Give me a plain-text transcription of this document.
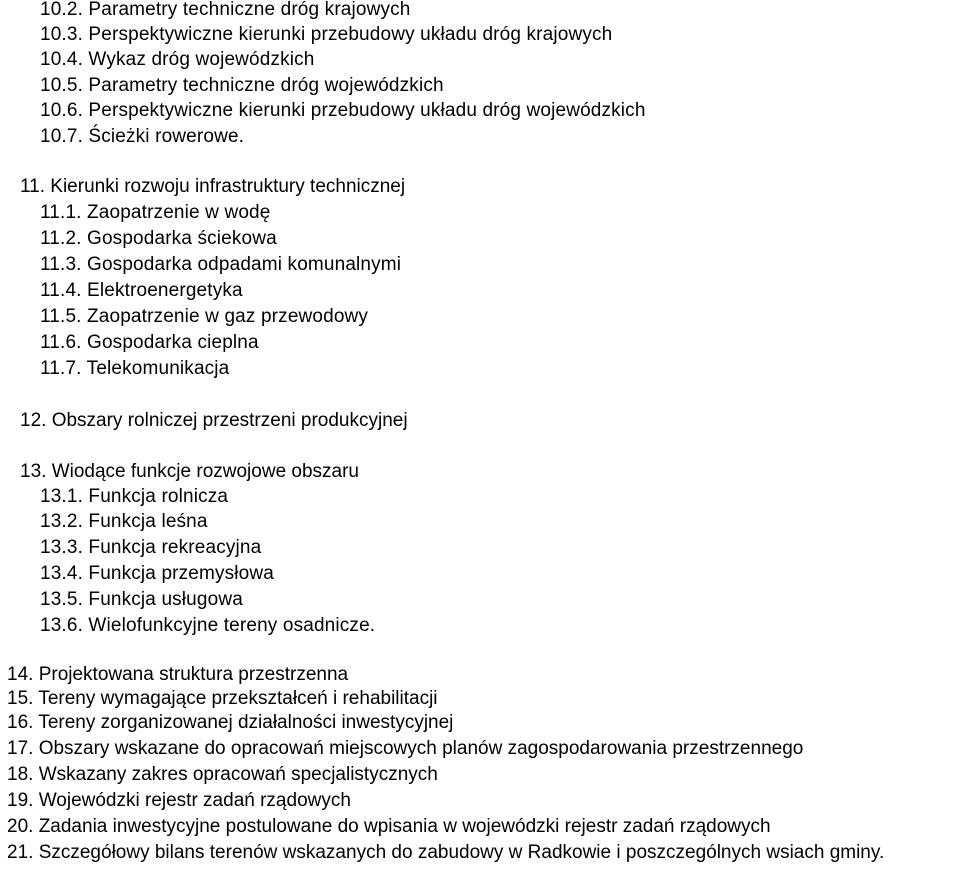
10.2. Parametry techniczne dróg krajowych
10.3. Perspektywiczne kierunki przebudowy układu dróg krajowych
10.4. Wykaz dróg wojewódzkich
10.5. Parametry techniczne dróg wojewódzkich
10.6. Perspektywiczne kierunki przebudowy układu dróg wojewódzkich
10.7. Ścieżki rowerowe.
11. Kierunki rozwoju infrastruktury technicznej
11.1. Zaopatrzenie w wodę
11.2. Gospodarka ściekowa
11.3. Gospodarka odpadami komunalnymi
11.4. Elektroenergetyka
11.5. Zaopatrzenie w gaz przewodowy
11.6. Gospodarka cieplna
11.7. Telekomunikacja
12. Obszary rolniczej przestrzeni produkcyjnej
13. Wiodące funkcje rozwojowe obszaru
13.1. Funkcja rolnicza
13.2. Funkcja leśna
13.3. Funkcja rekreacyjna
13.4. Funkcja przemysłowa
13.5. Funkcja usługowa
13.6. Wielofunkcyjne tereny osadnicze.
14. Projektowana struktura przestrzenna
15. Tereny wymagające przekształceń i rehabilitacji
16. Tereny zorganizowanej działalności inwestycyjnej
17. Obszary wskazane do opracowań miejscowych planów zagospodarowania przestrzennego
18. Wskazany zakres opracowań specjalistycznych
19. Wojewódzki rejestr zadań rządowych
20. Zadania inwestycyjne postulowane do wpisania w wojewódzki rejestr zadań rządowych
21. Szczegółowy bilans terenów wskazanych do zabudowy w Radkowie i poszczególnych wsiach gminy.
